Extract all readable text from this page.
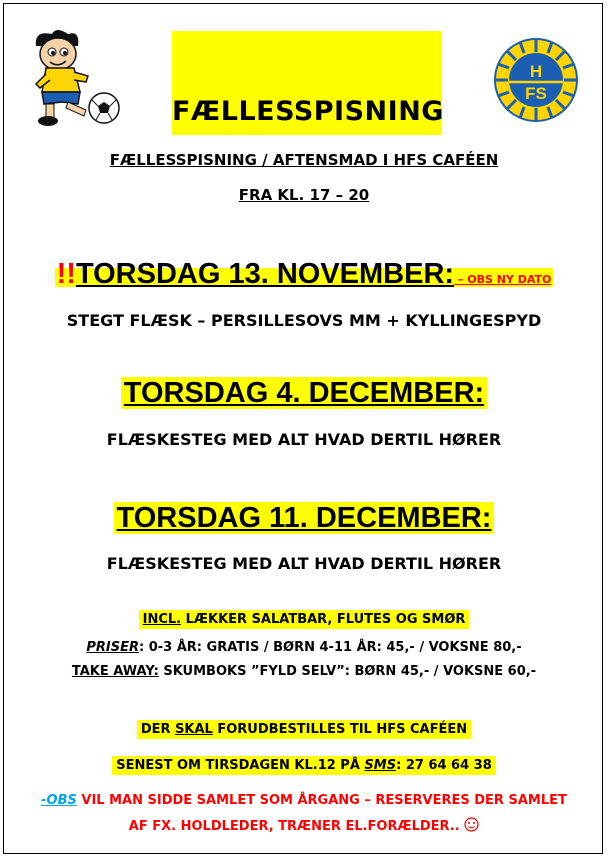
FÆLLESSPISNING
H
FS
FÆLLESSPISNING / AFTENSMAD I HFS CAFÉEN
FRA KL. 17 – 20
!!TORSDAG 13. NOVEMBER: – OBS NY DATO
STEGT FLÆSK – PERSILLESOVS MM + KYLLINGESPYD
TORSDAG 4. DECEMBER:
FLÆSKESTEG MED ALT HVAD DERTIL HØRER
TORSDAG 11. DECEMBER:
FLÆSKESTEG MED ALT HVAD DERTIL HØRER
INCL. LÆKKER SALATBAR, FLUTES OG SMØR
PRISER: 0-3 ÅR: GRATIS / BØRN 4-11 ÅR: 45,- / VOKSNE 80,-
TAKE AWAY: SKUMBOKS ”FYLD SELV”: BØRN 45,- / VOKSNE 60,-
DER SKAL FORUDBESTILLES TIL HFS CAFÉEN
SENEST OM TIRSDAGEN KL.12 PÅ SMS: 27 64 64 38
-OBS VIL MAN SIDDE SAMLET SOM ÅRGANG – RESERVERES DER SAMLET
AF FX. HOLDLEDER, TRÆNER EL.FORÆLDER..
